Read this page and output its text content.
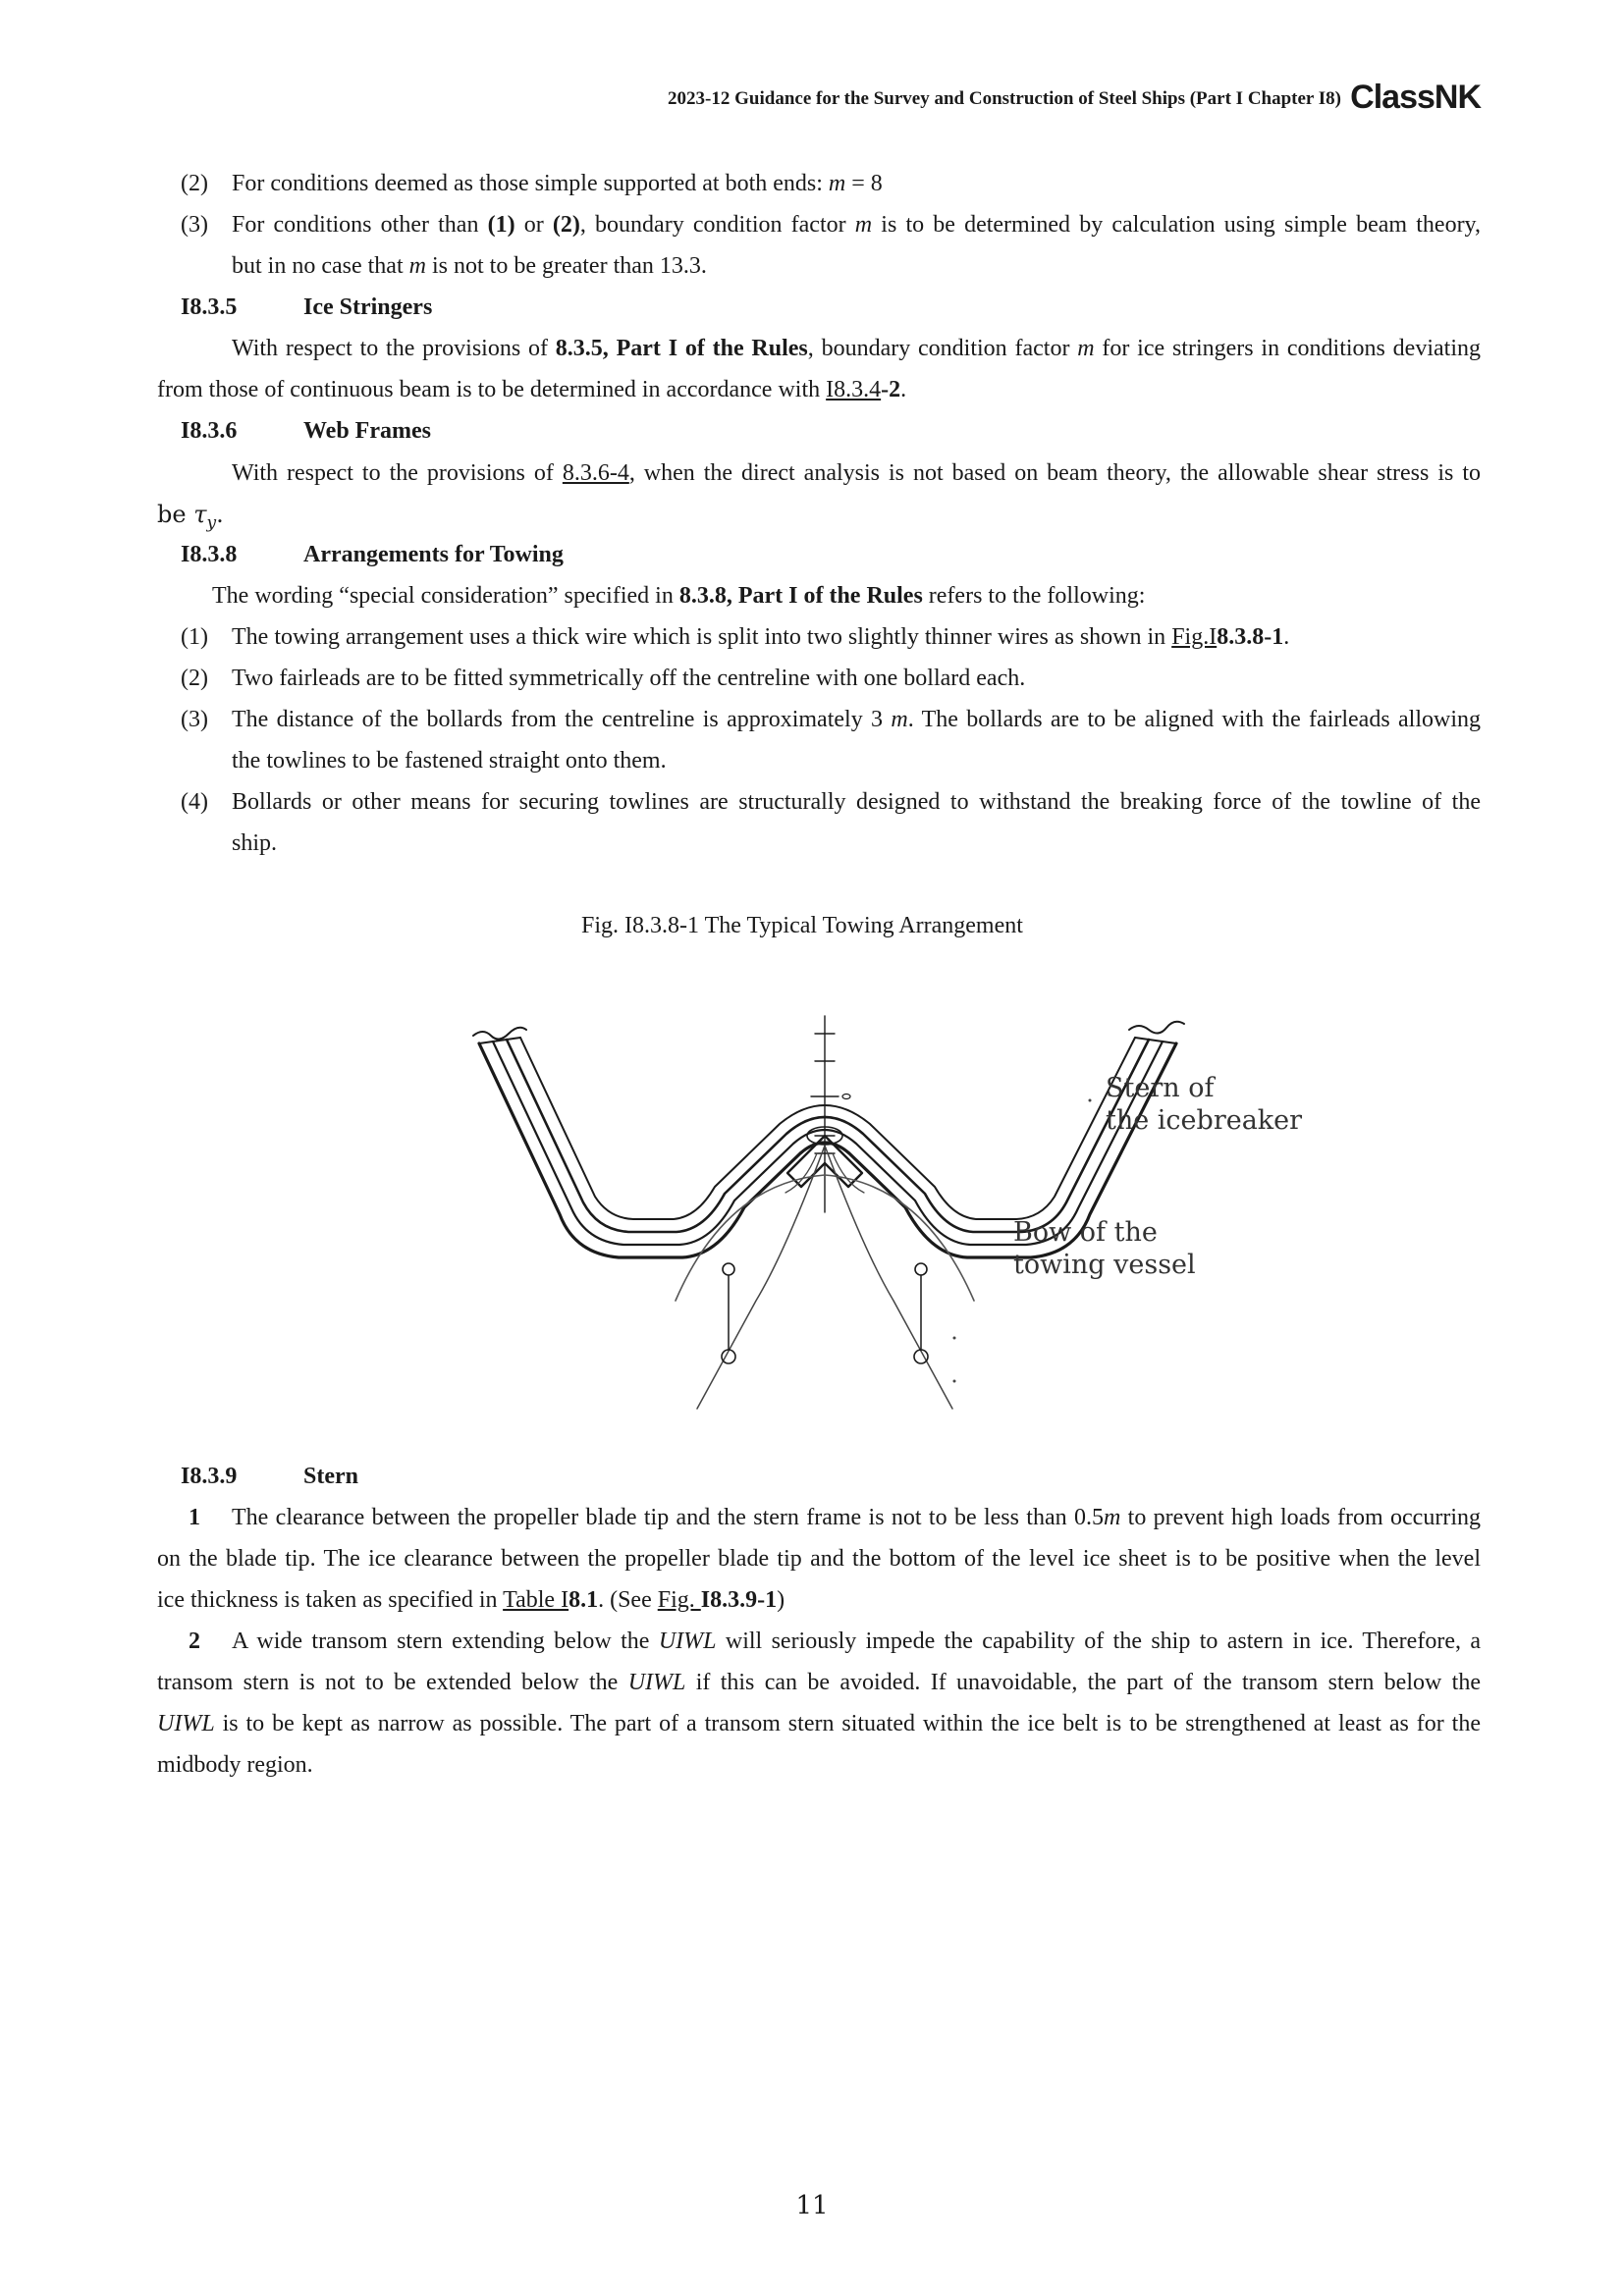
2023-12 Guidance for the Survey and Construction of Steel Ships (Part I Chapter I8) ClassNK
(2) For conditions deemed as those simple supported at both ends: m = 8
(3) For conditions other than (1) or (2), boundary condition factor m is to be determined by calculation using simple beam theory,
but in no case that m is not to be greater than 13.3.
I8.3.5	Ice Stringers
With respect to the provisions of 8.3.5, Part I of the Rules, boundary condition factor m for ice stringers in conditions deviating
from those of continuous beam is to be determined in accordance with I8.3.4-2.
I8.3.6	Web Frames
With respect to the provisions of 8.3.6-4, when the direct analysis is not based on beam theory, the allowable shear stress is to
be $\tau_y$.
I8.3.8	Arrangements for Towing
The wording “special consideration” specified in 8.3.8, Part I of the Rules refers to the following:
(1) The towing arrangement uses a thick wire which is split into two slightly thinner wires as shown in Fig.I8.3.8-1.
(2) Two fairleads are to be fitted symmetrically off the centreline with one bollard each.
(3) The distance of the bollards from the centreline is approximately 3 m. The bollards are to be aligned with the fairleads allowing
the towlines to be fastened straight onto them.
(4) Bollards or other means for securing towlines are structurally designed to withstand the breaking force of the towline of the
ship.
Fig. I8.3.8-1 The Typical Towing Arrangement
Stern of
the icebreaker
Bow of the
towing vessel
I8.3.9	Stern
1 The clearance between the propeller blade tip and the stern frame is not to be less than 0.5m to prevent high loads from occurring
on the blade tip. The ice clearance between the propeller blade tip and the bottom of the level ice sheet is to be positive when the level
ice thickness is taken as specified in Table I8.1. (See Fig. I8.3.9-1)
2 A wide transom stern extending below the UIWL will seriously impede the capability of the ship to astern in ice. Therefore, a
transom stern is not to be extended below the UIWL if this can be avoided. If unavoidable, the part of the transom stern below the
UIWL is to be kept as narrow as possible. The part of a transom stern situated within the ice belt is to be strengthened at least as for the
midbody region.
11
